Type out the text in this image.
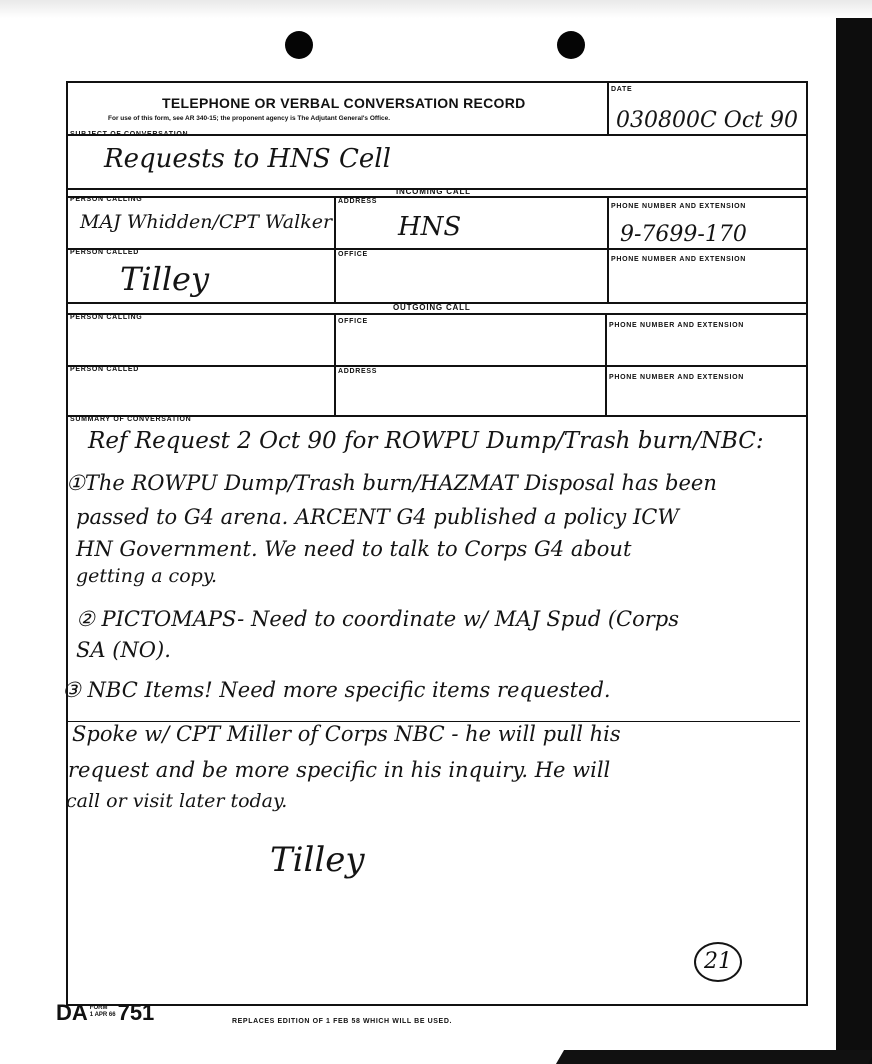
TELEPHONE OR VERBAL CONVERSATION RECORD
For use of this form, see AR 340-15; the proponent agency is The Adjutant General's Office.
DATE
030800C Oct 90
SUBJECT OF CONVERSATION
Requests to HNS Cell
INCOMING CALL
PERSON CALLING
MAJ Whidden/CPT Walker
ADDRESS
HNS
PHONE NUMBER AND EXTENSION
9-7699-170
PERSON CALLED
Tilley
OFFICE
PHONE NUMBER AND EXTENSION
OUTGOING CALL
PERSON CALLING
OFFICE
PHONE NUMBER AND EXTENSION
PERSON CALLED	ADDRESS
PHONE NUMBER AND EXTENSION
SUMMARY OF CONVERSATION
Ref Request 2 Oct 90 for ROWPU Dump/Trash burn/NBC:
①The ROWPU Dump/Trash burn/HAZMAT Disposal has been
passed to G4 arena. ARCENT G4 published a policy ICW
HN Government. We need to talk to Corps G4 about
getting a copy.
② PICTOMAPS- Need to coordinate w/ MAJ Spud (Corps
SA (NO).
③ NBC Items! Need more specific items requested.
Spoke w/ CPT Miller of Corps NBC - he will pull his
request and be more specific in his inquiry. He will
call or visit later today.
Tilley
21
DA FORM
1 APR 66751	REPLACES EDITION OF 1 FEB 58 WHICH WILL BE USED.
